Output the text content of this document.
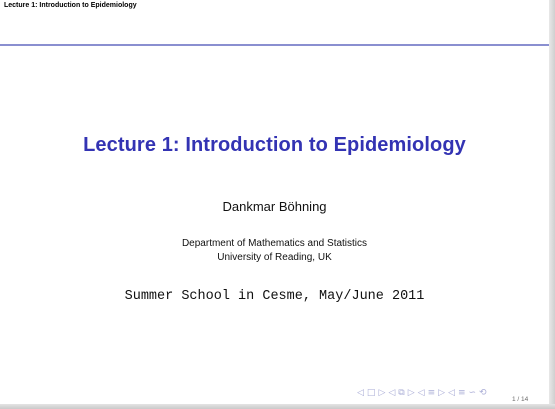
Lecture 1: Introduction to Epidemiology
Lecture 1: Introduction to Epidemiology
Dankmar Böhning
Department of Mathematics and Statistics
University of Reading, UK
Summer School in Cesme, May/June 2011
◁ □ ▷ ◁ ⧉ ▷ ◁ ≡ ▷ ◁ ≡ ∽ ⟲
1 / 14
